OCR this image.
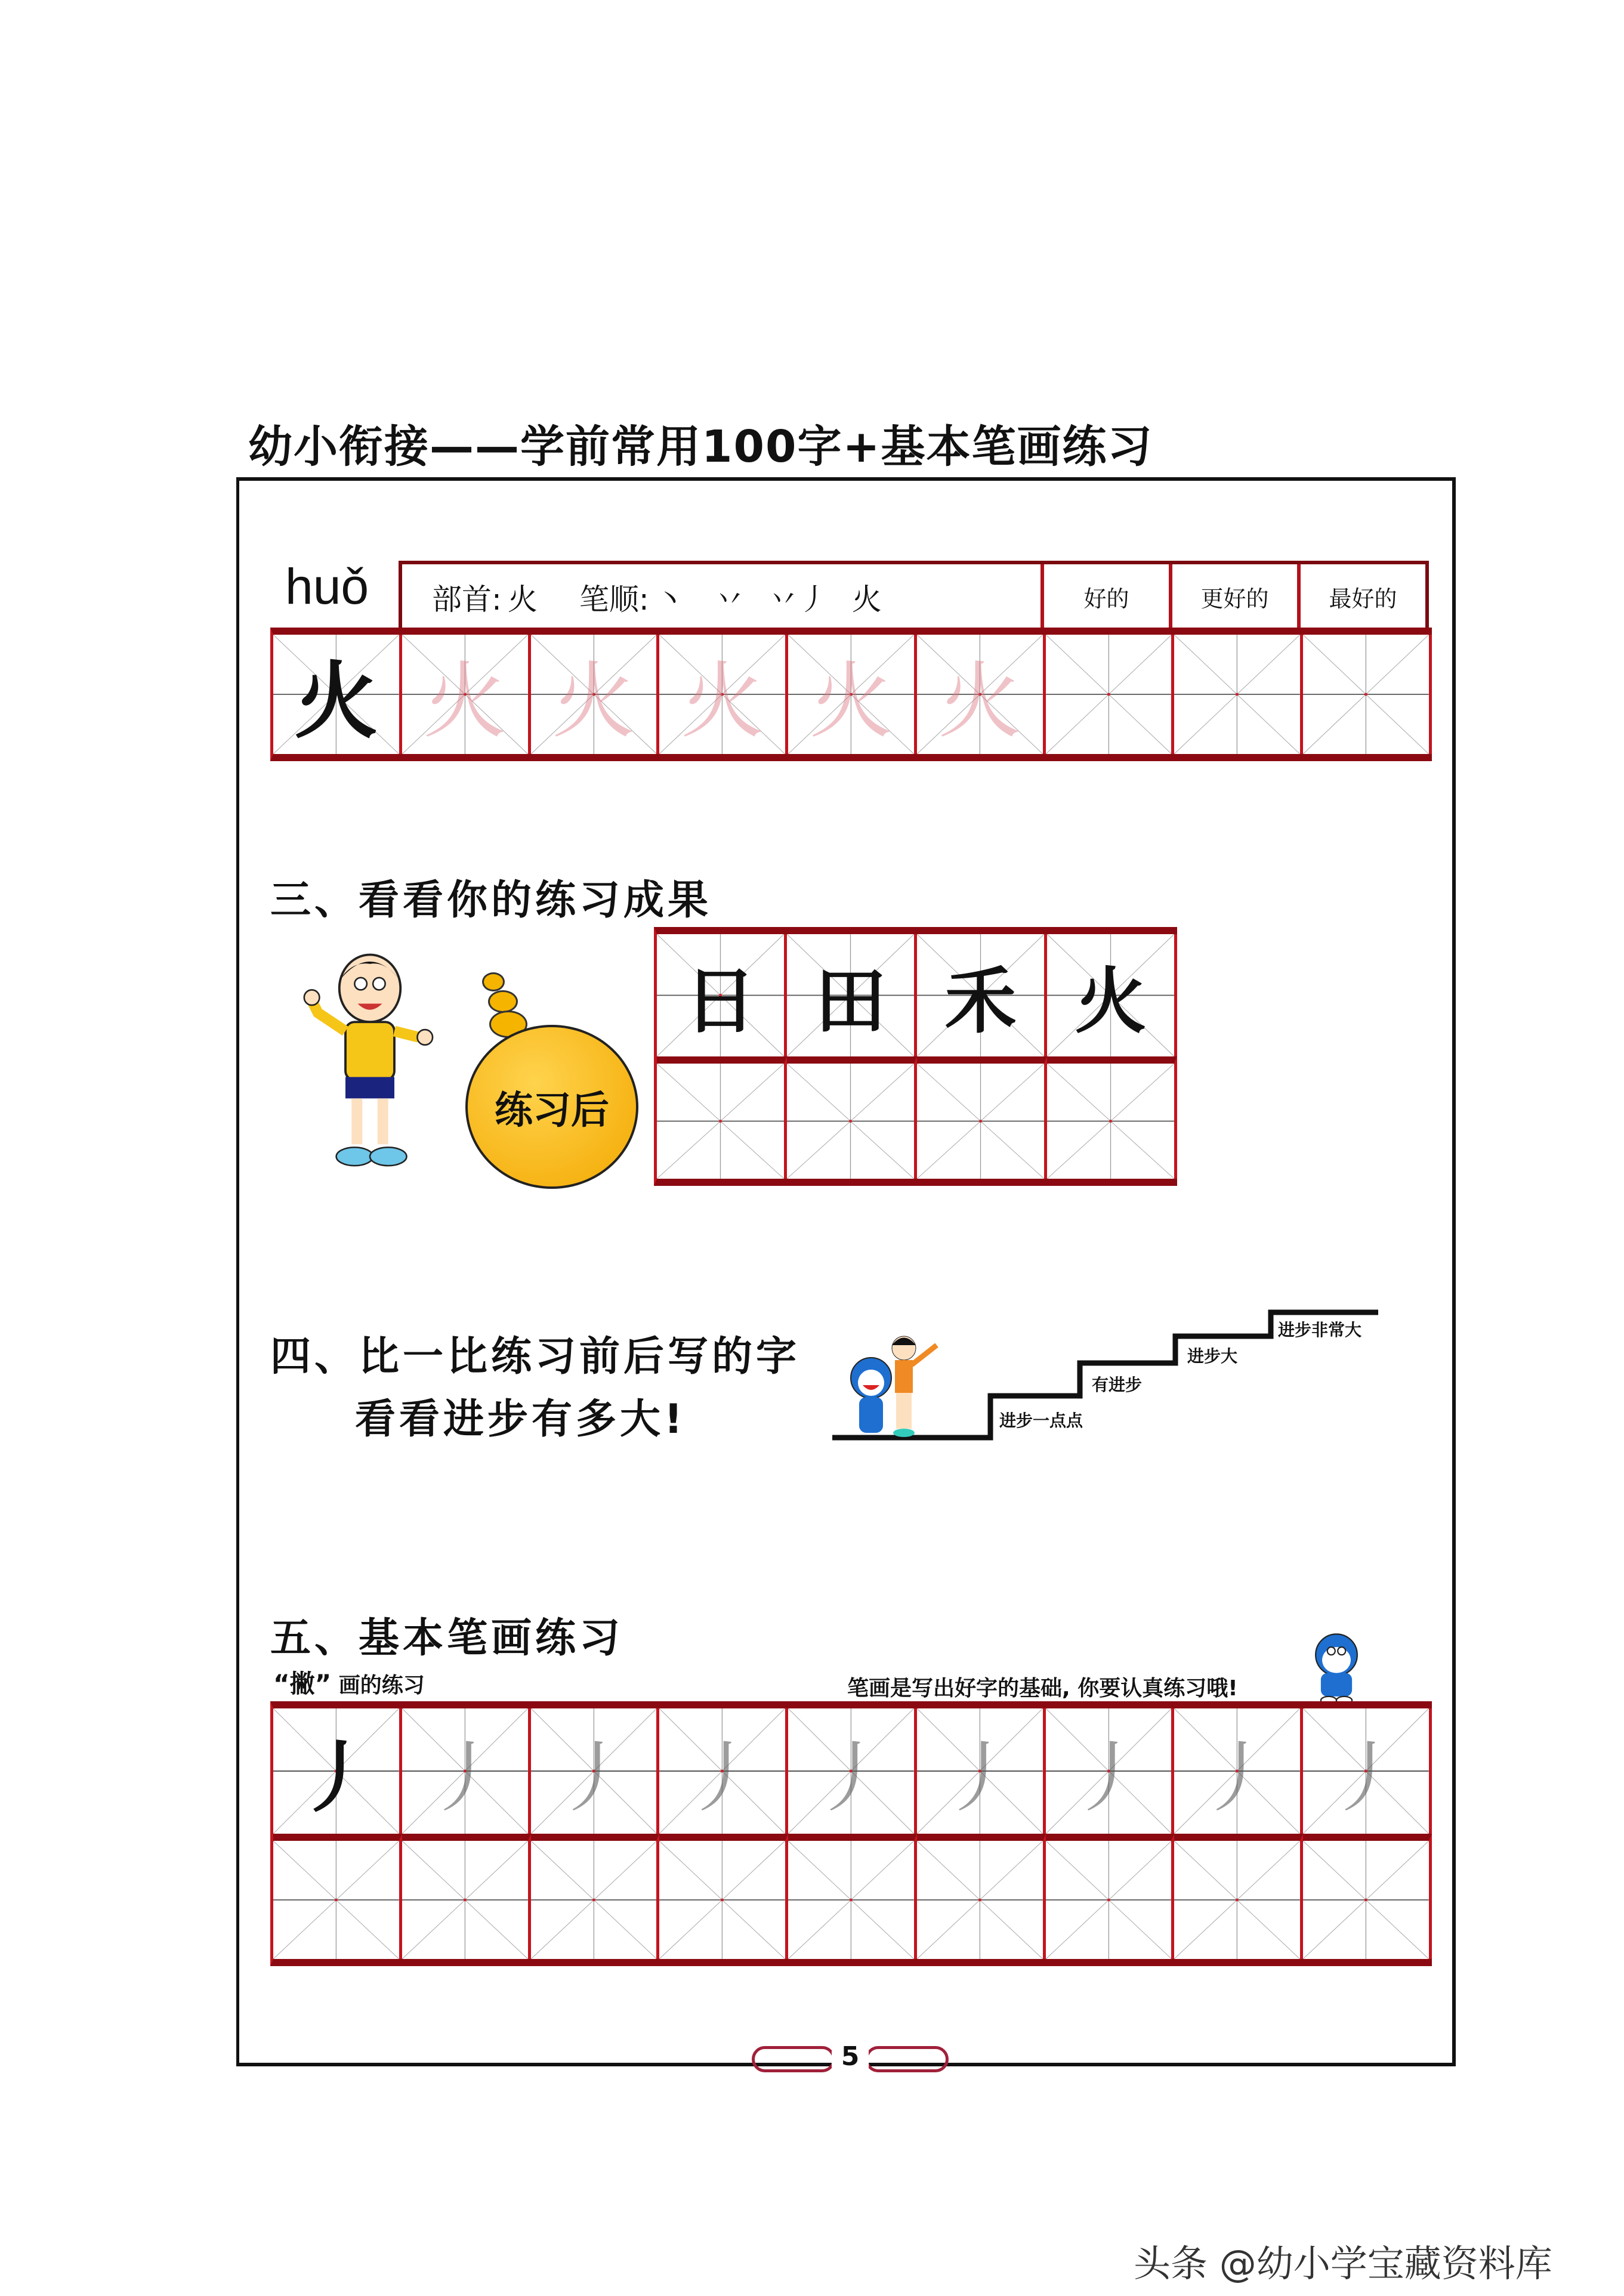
幼小衔接——学前常用100字+基本笔画练习
huǒ 部首: 火 笔顺: 丶 丷 丷丿 火	好的	更好的	最好的
火 火 火 火 火 火
三、看看你的练习成果
练习后
日 田 禾 火
四、比一比练习前后写的字
看看进步有多大!	进步一点点
有进步
进步大
进步非常大
五、基本笔画练习
“撇” 画的练习	笔画是写出好字的基础, 你要认真练习哦!
丿 丿 丿 丿 丿 丿 丿 丿 丿
5
头条 @幼小学宝藏资料库
